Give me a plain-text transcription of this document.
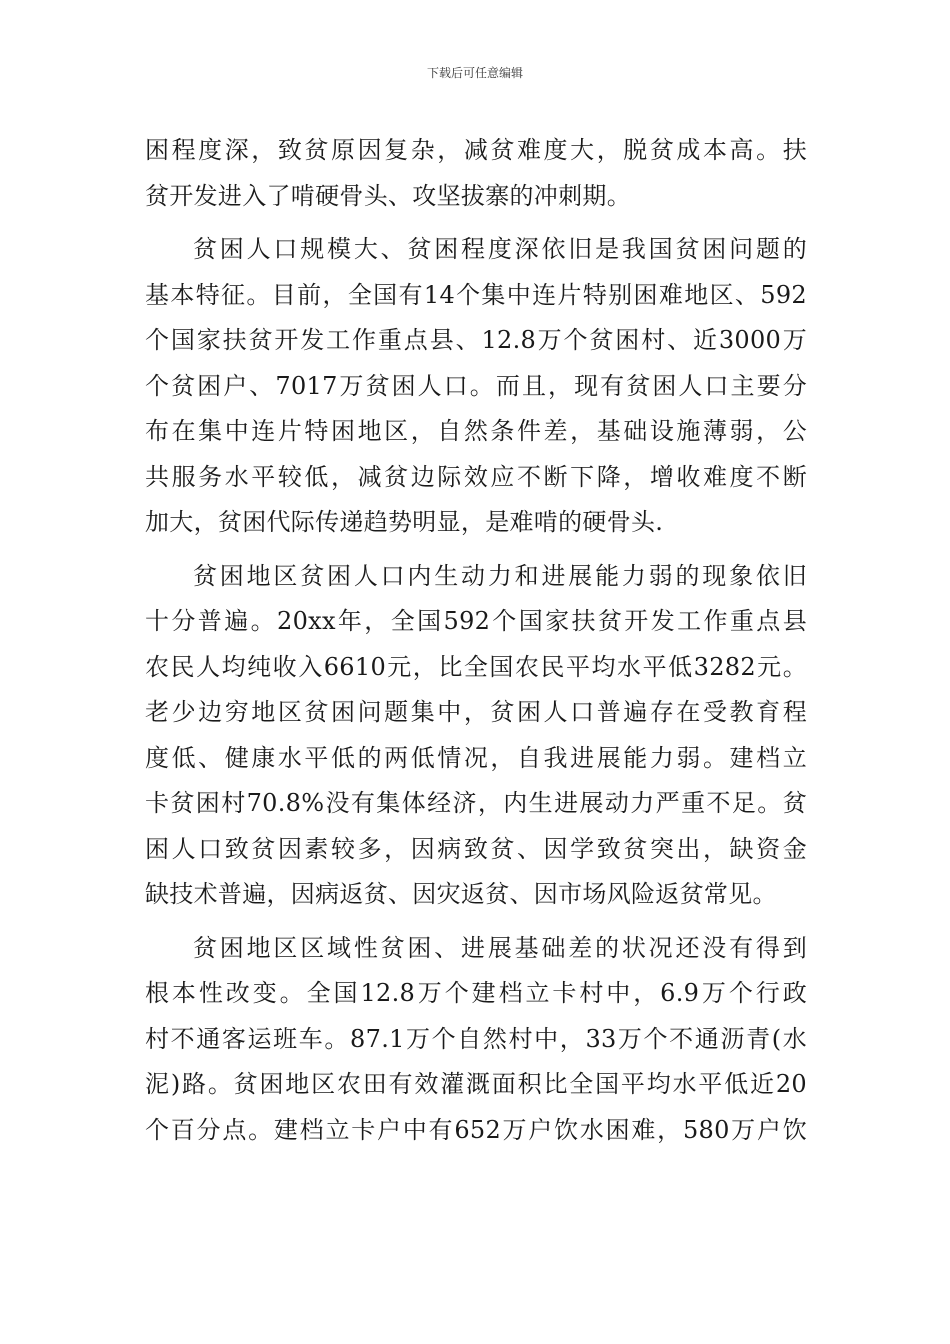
下载后可任意编辑
困程度深，致贫原因复杂，减贫难度大，脱贫成本高。扶
贫开发进入了啃硬骨头、攻坚拔寨的冲刺期。
贫困人口规模大、贫困程度深依旧是我国贫困问题的
基本特征。目前，全国有14个集中连片特别困难地区、592
个国家扶贫开发工作重点县、12.8万个贫困村、近3000万
个贫困户、7017万贫困人口。而且，现有贫困人口主要分
布在集中连片特困地区，自然条件差，基础设施薄弱，公
共服务水平较低，减贫边际效应不断下降，增收难度不断
加大，贫困代际传递趋势明显，是难啃的硬骨头.
贫困地区贫困人口内生动力和进展能力弱的现象依旧
十分普遍。20xx年，全国592个国家扶贫开发工作重点县
农民人均纯收入6610元，比全国农民平均水平低3282元。
老少边穷地区贫困问题集中，贫困人口普遍存在受教育程
度低、健康水平低的两低情况，自我进展能力弱。建档立
卡贫困村70.8%没有集体经济，内生进展动力严重不足。贫
困人口致贫因素较多，因病致贫、因学致贫突出，缺资金
缺技术普遍，因病返贫、因灾返贫、因市场风险返贫常见。
贫困地区区域性贫困、进展基础差的状况还没有得到
根本性改变。全国12.8万个建档立卡村中，6.9万个行政
村不通客运班车。87.1万个自然村中，33万个不通沥青(水
泥)路。贫困地区农田有效灌溉面积比全国平均水平低近20
个百分点。建档立卡户中有652万户饮水困难，580万户饮
